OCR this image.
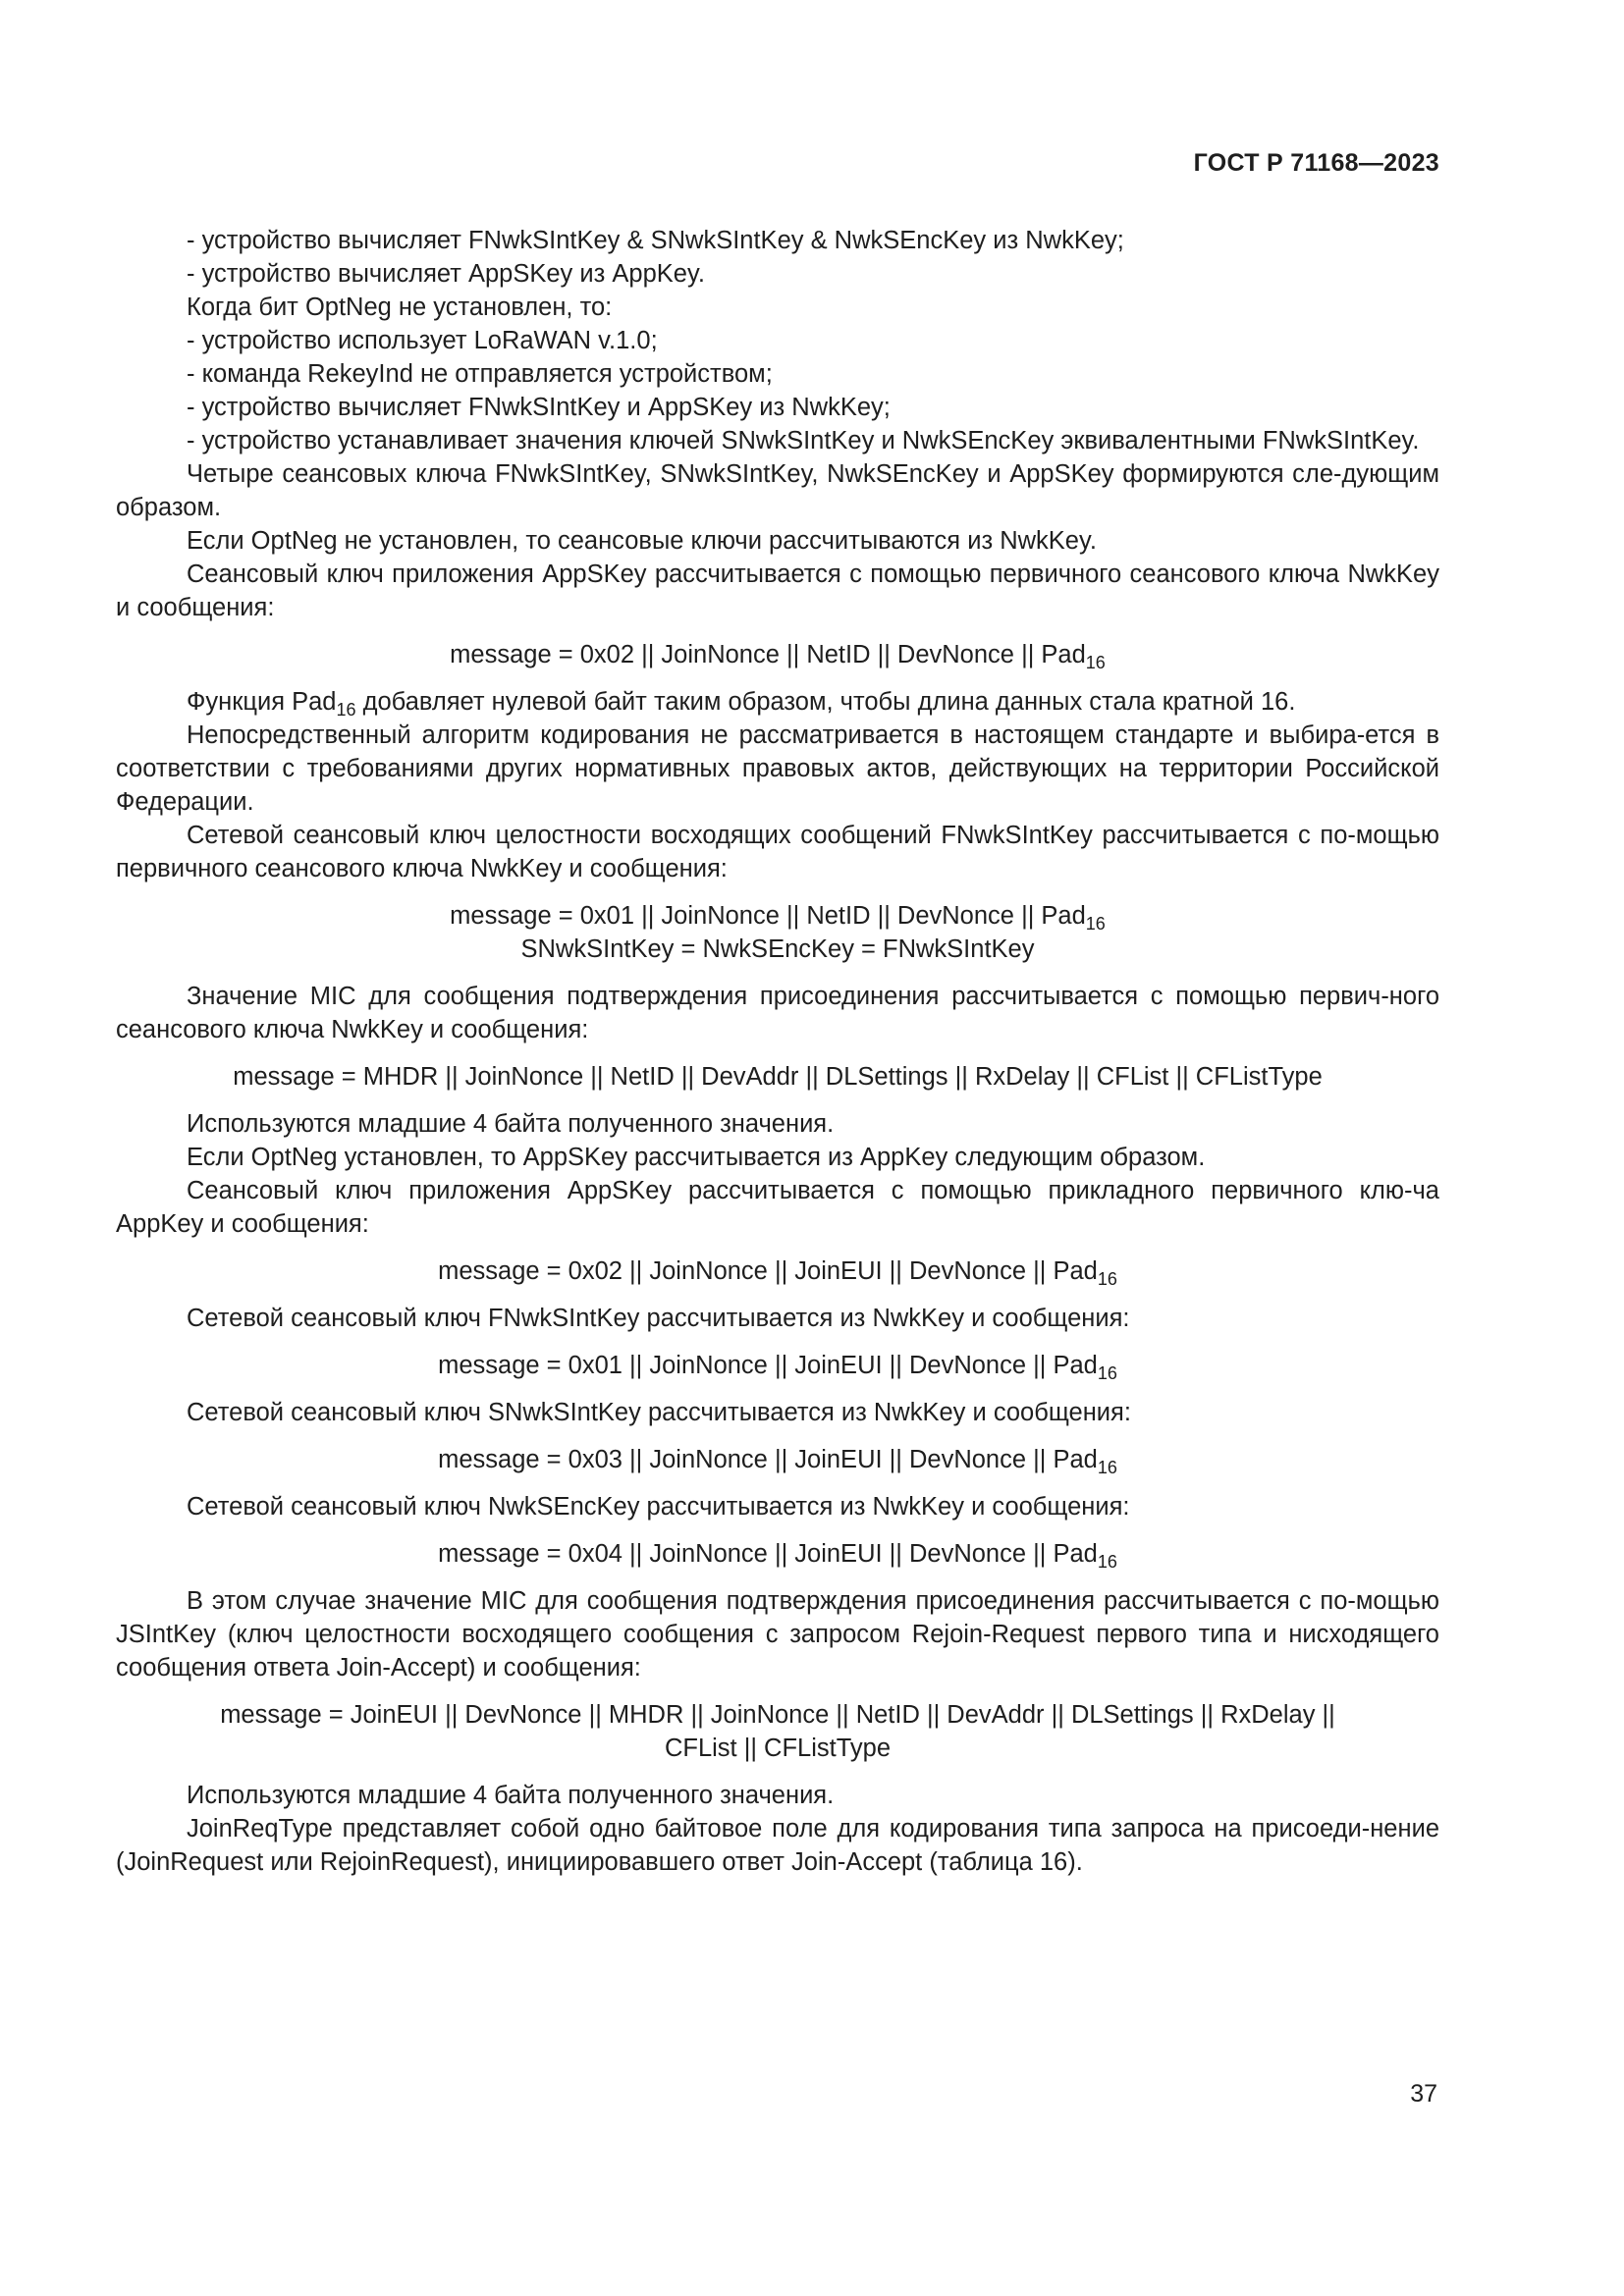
ГОСТ Р 71168—2023

- устройство вычисляет FNwkSIntKey & SNwkSIntKey & NwkSEncKey из NwkKey;

- устройство вычисляет AppSKey из AppKey.

Когда бит OptNeg не установлен, то:

- устройство использует LoRaWAN v.1.0;

- команда RekeyInd не отправляется устройством;

- устройство вычисляет FNwkSIntKey и AppSKey из NwkKey;

- устройство устанавливает значения ключей SNwkSIntKey и NwkSEncKey эквивалентными FNwkSIntKey.

Четыре сеансовых ключа FNwkSIntKey, SNwkSIntKey, NwkSEncKey и AppSKey формируются сле-дующим образом.

Если OptNeg не установлен, то сеансовые ключи рассчитываются из NwkKey.

Сеансовый ключ приложения AppSKey рассчитывается с помощью первичного сеансового ключа NwkKey и сообщения:

message = 0x02 || JoinNonce || NetID || DevNonce || Pad$_{16}$

Функция Pad$_{16}$ добавляет нулевой байт таким образом, чтобы длина данных стала кратной 16.

Непосредственный алгоритм кодирования не рассматривается в настоящем стандарте и выбира-ется в соответствии с требованиями других нормативных правовых актов, действующих на территории Российской Федерации.

Сетевой сеансовый ключ целостности восходящих сообщений FNwkSIntKey рассчитывается с по-мощью первичного сеансового ключа NwkKey и сообщения:

message = 0x01 || JoinNonce || NetID || DevNonce || Pad$_{16}$

SNwkSIntKey = NwkSEncKey = FNwkSIntKey

Значение MIC для сообщения подтверждения присоединения рассчитывается с помощью первич-ного сеансового ключа NwkKey и сообщения:

message = MHDR || JoinNonce || NetID || DevAddr || DLSettings || RxDelay || CFList || CFListType

Используются младшие 4 байта полученного значения.

Если OptNeg установлен, то AppSKey рассчитывается из AppKey следующим образом.

Сеансовый ключ приложения AppSKey рассчитывается с помощью прикладного первичного клю-ча AppKey и сообщения:

message = 0x02 || JoinNonce || JoinEUI || DevNonce || Pad$_{16}$

Сетевой сеансовый ключ FNwkSIntKey рассчитывается из NwkKey и сообщения:

message = 0x01 || JoinNonce || JoinEUI || DevNonce || Pad$_{16}$

Сетевой сеансовый ключ SNwkSIntKey рассчитывается из NwkKey и сообщения:

message = 0x03 || JoinNonce || JoinEUI || DevNonce || Pad$_{16}$

Сетевой сеансовый ключ NwkSEncKey рассчитывается из NwkKey и сообщения:

message = 0x04 || JoinNonce || JoinEUI || DevNonce || Pad$_{16}$

В этом случае значение MIC для сообщения подтверждения присоединения рассчитывается с по-мощью JSIntKey (ключ целостности восходящего сообщения с запросом Rejoin-Request первого типа и нисходящего сообщения ответа Join-Accept) и сообщения:

message = JoinEUI || DevNonce || MHDR || JoinNonce || NetID || DevAddr || DLSettings || RxDelay ||

CFList || CFListType

Используются младшие 4 байта полученного значения.

JoinReqType представляет собой одно байтовое поле для кодирования типа запроса на присоеди-нение (JoinRequest или RejoinRequest), инициировавшего ответ Join-Accept (таблица 16).

37
